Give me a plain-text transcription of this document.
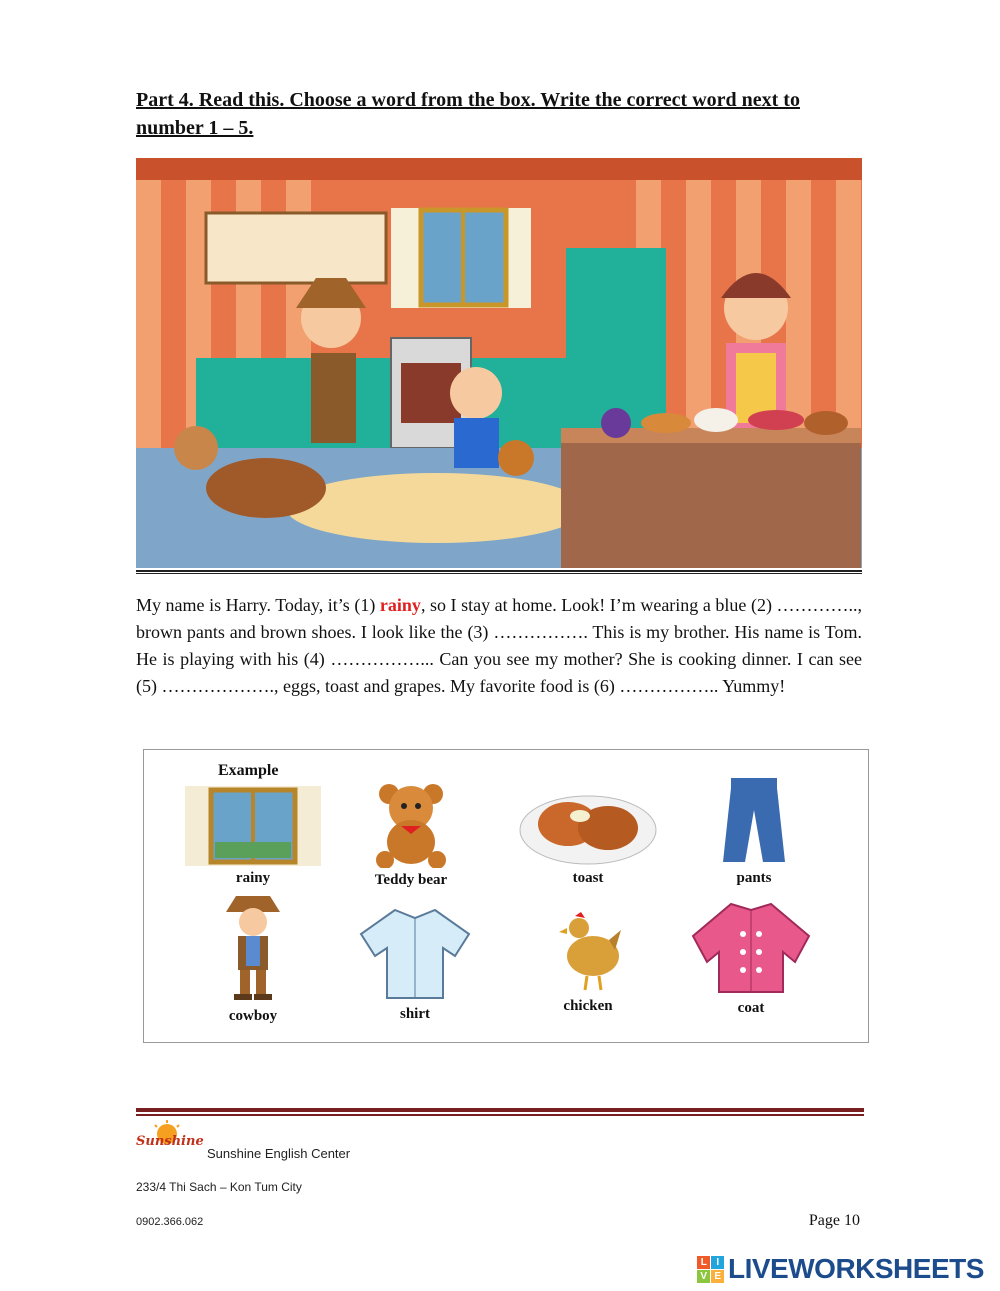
Part 4. Read this. Choose a word from the box. Write the correct word next to number 1 – 5.
My name is Harry. Today, it’s (1) rainy, so I stay at home. Look! I’m wearing a blue (2) ………….., brown pants and brown shoes. I look like the (3) ……………. This is my brother. His name is Tom. He is playing with his (4) ……………... Can you see my mother? She is cooking dinner. I can see (5) ………………., eggs, toast and grapes. My favorite food is (6) …………….. Yummy!
Example
rainy	Teddy bear	toast	pants
cowboy	shirt	chicken	coat
Sunshine
Sunshine English Center
233/4 Thi Sach – Kon Tum City
0902.366.062	Page 10
L	I
V E LIVEWORKSHEETS
